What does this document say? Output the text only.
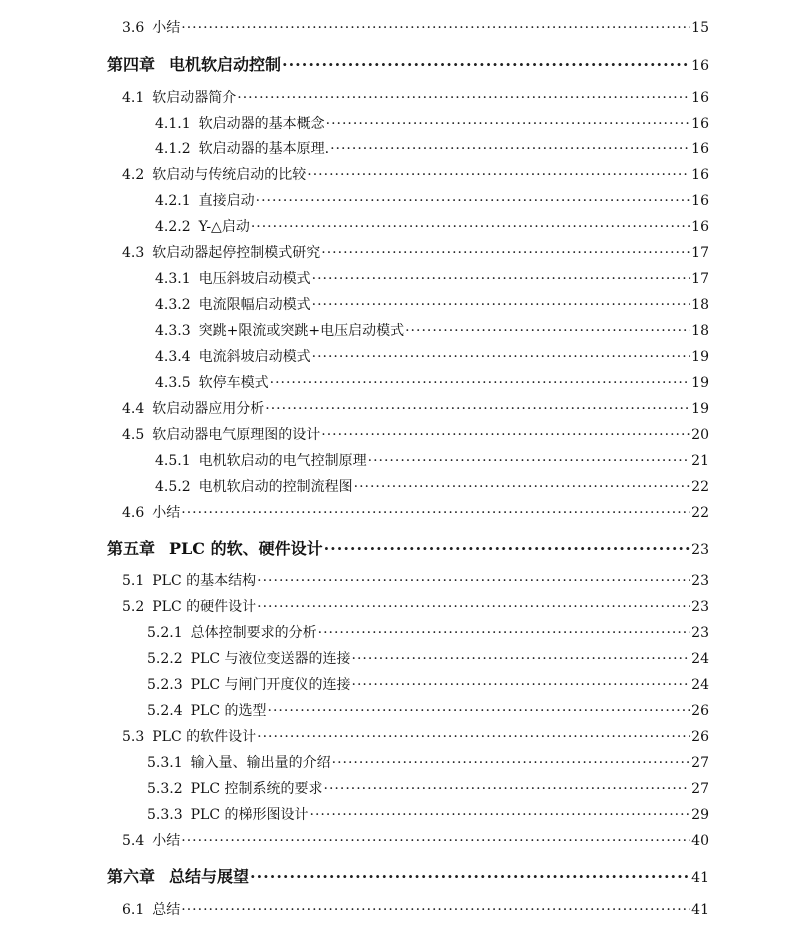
3.6 小结 ·····	15
第四章 电机软启动控制 ·····	16
4.1 软启动器简介 ·····	16
4.1.1 软启动器的基本概念 ·····	16
4.1.2 软启动器的基本原理. ·····	16
4.2 软启动与传统启动的比较 ·····	16
4.2.1 直接启动 ·····	16
4.2.2 Y-△启动 ·····	16
4.3 软启动器起停控制模式研究 ·····	17
4.3.1 电压斜坡启动模式 ·····	17
4.3.2 电流限幅启动模式 ·····	18
4.3.3 突跳+限流或突跳+电压启动模式 ·····	18
4.3.4 电流斜坡启动模式 ·····	19
4.3.5 软停车模式 ·····	19
4.4 软启动器应用分析 ·····	19
4.5 软启动器电气原理图的设计 ·····	20
4.5.1 电机软启动的电气控制原理 ·····	21
4.5.2 电机软启动的控制流程图 ·····	22
4.6 小结 ·····	22
第五章 PLC 的软、硬件设计 ·····	23
5.1 PLC 的基本结构 ·····	23
5.2 PLC 的硬件设计 ·····	23
5.2.1 总体控制要求的分析 ·····	23
5.2.2 PLC 与液位变送器的连接 ·····	24
5.2.3 PLC 与闸门开度仪的连接 ·····	24
5.2.4 PLC 的选型 ·····	26
5.3 PLC 的软件设计 ·····	26
5.3.1 输入量、输出量的介绍 ·····	27
5.3.2 PLC 控制系统的要求 ·····	27
5.3.3 PLC 的梯形图设计 ·····	29
5.4 小结 ·····	40
第六章 总结与展望 ·····	41
6.1 总结 ·····	41
